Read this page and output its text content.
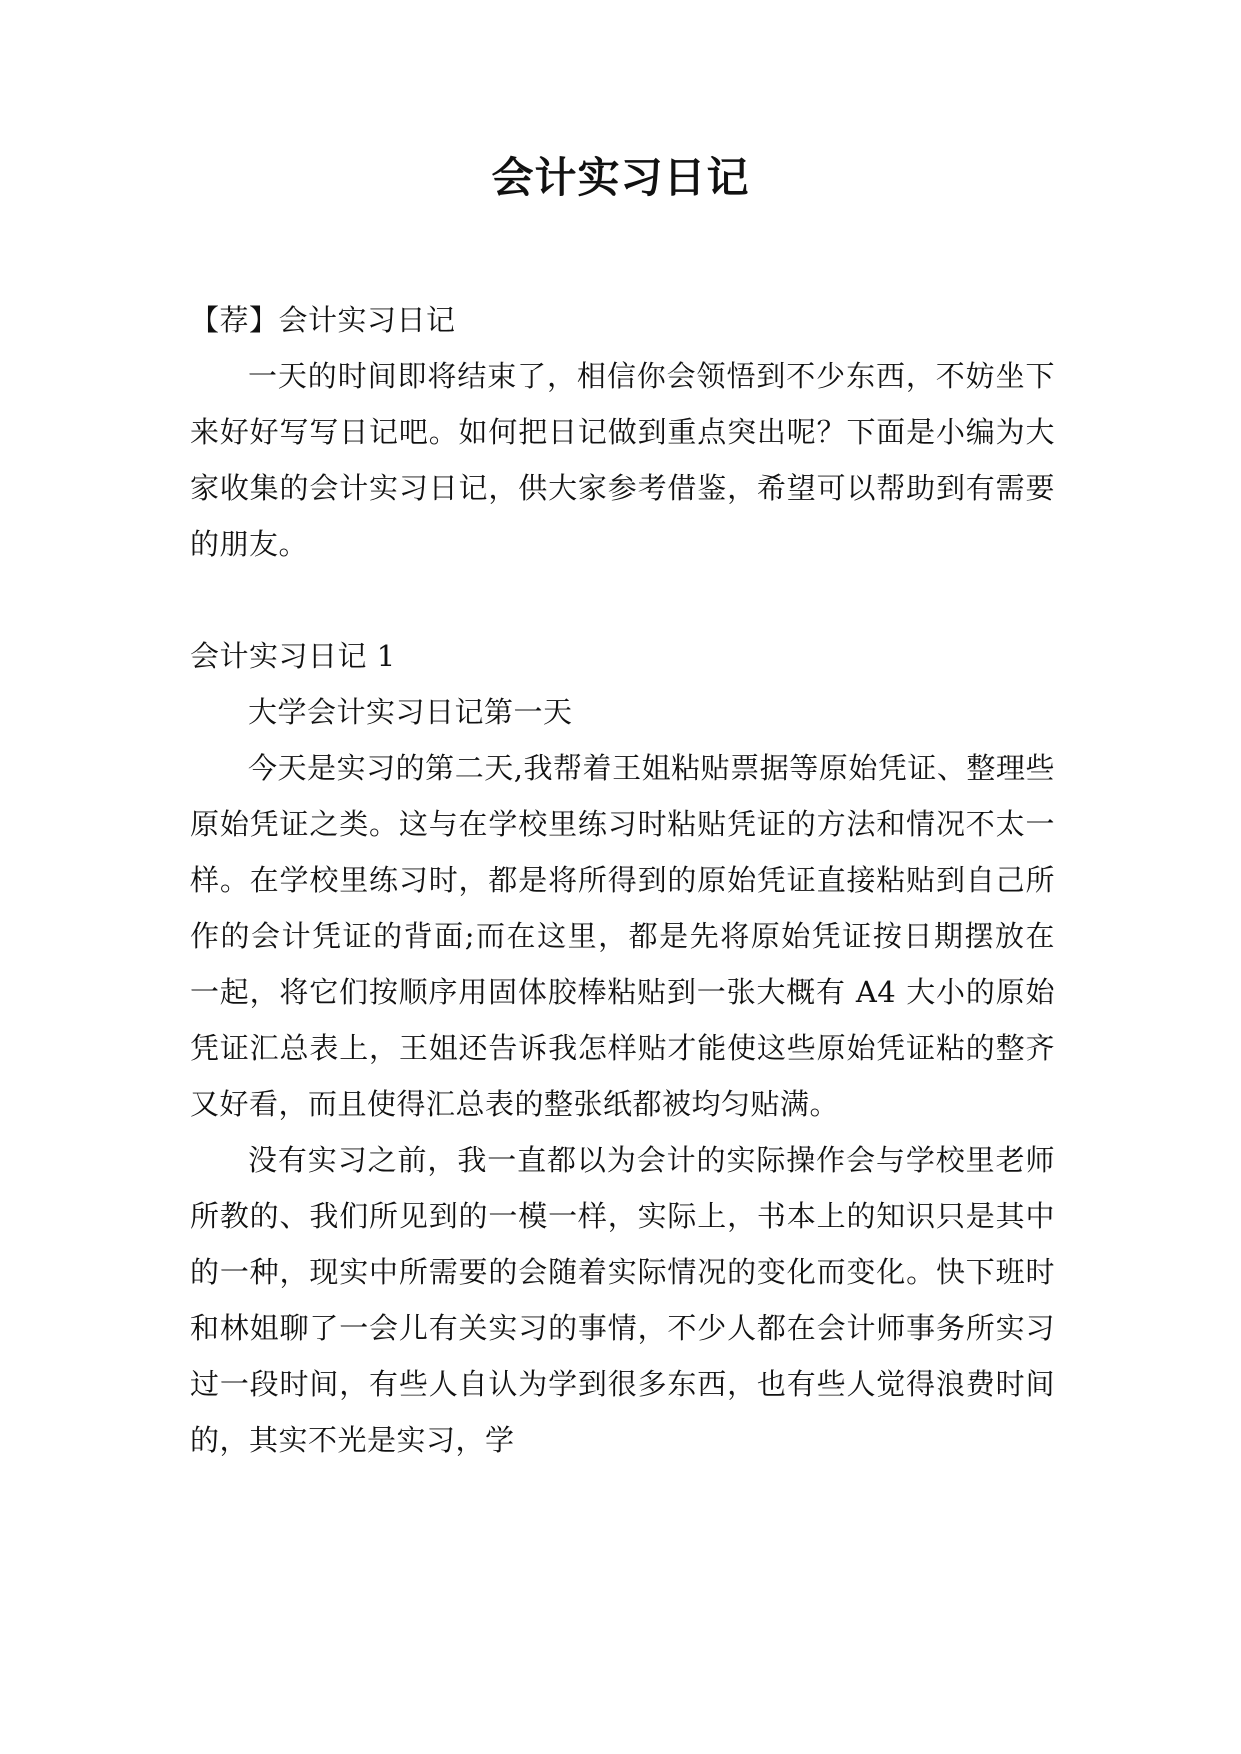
会计实习日记

【荐】会计实习日记

一天的时间即将结束了，相信你会领悟到不少东西，不妨坐下来好好写写日记吧。如何把日记做到重点突出呢？下面是小编为大家收集的会计实习日记，供大家参考借鉴，希望可以帮助到有需要的朋友。

会计实习日记 1

大学会计实习日记第一天

今天是实习的第二天,我帮着王姐粘贴票据等原始凭证、整理些原始凭证之类。这与在学校里练习时粘贴凭证的方法和情况不太一样。在学校里练习时，都是将所得到的原始凭证直接粘贴到自己所作的会计凭证的背面;而在这里，都是先将原始凭证按日期摆放在一起，将它们按顺序用固体胶棒粘贴到一张大概有 A4 大小的原始凭证汇总表上，王姐还告诉我怎样贴才能使这些原始凭证粘的整齐又好看，而且使得汇总表的整张纸都被均匀贴满。

没有实习之前，我一直都以为会计的实际操作会与学校里老师所教的、我们所见到的一模一样，实际上，书本上的知识只是其中的一种，现实中所需要的会随着实际情况的变化而变化。快下班时和林姐聊了一会儿有关实习的事情，不少人都在会计师事务所实习过一段时间，有些人自认为学到很多东西，也有些人觉得浪费时间的，其实不光是实习，学
